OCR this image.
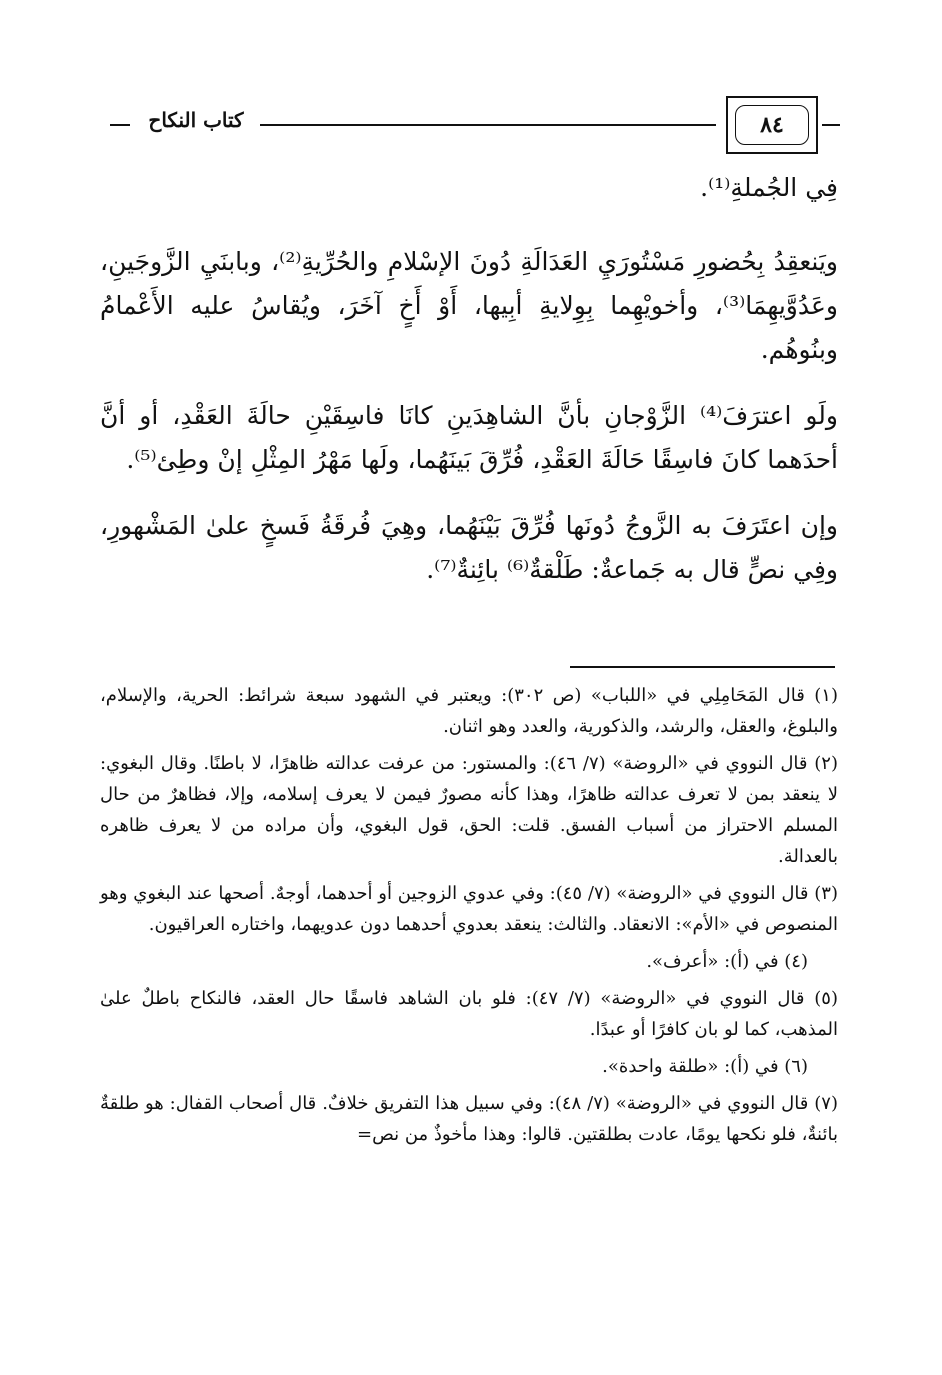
٨٤
كتاب النكاح

فِي الجُملةِ⁽¹⁾.

ويَنعقِدُ بِحُضورِ مَسْتُورَيِ العَدَالَةِ دُونَ الإسْلامِ والحُرِّيةِ⁽²⁾، وبابنَيِ الزَّوجَينِ، وعَدُوَّيهِمَا⁽³⁾، وأخويْهِما بِوِلايةِ أبِيها، أَوْ أَخٍ آخَرَ، ويُقاسُ عليه الأَعْمامُ وبنُوهُم.

ولَو اعترَفَ⁽⁴⁾ الزَّوْجانِ بأنَّ الشاهِدَينِ كانَا فاسِقَيْنِ حالَةَ العَقْدِ، أو أنَّ أحدَهما كانَ فاسِقًا حَالَةَ العَقْدِ، فُرِّقَ بَينَهُما، ولَها مَهْرُ المِثْلِ إنْ وطِئ⁽⁵⁾.

وإن اعتَرَفَ به الزَّوجُ دُونَها فُرِّقَ بَيْنَهُما، وهِيَ فُرقَةُ فَسخٍ علىٰ المَشْهورِ، وفِي نصٍّ قال به جَماعةٌ: طَلْقةٌ⁽⁶⁾ بائِنةٌ⁽⁷⁾.

(١) قال المَحَامِلِي في «اللباب» (ص ٣٠٢): ويعتبر في الشهود سبعة شرائط: الحرية، والإسلام، والبلوغ، والعقل، والرشد، والذكورية، والعدد وهو اثنان.

(٢) قال النووي في «الروضة» (٧/ ٤٦): والمستور: من عرفت عدالته ظاهرًا، لا باطنًا. وقال البغوي: لا ينعقد بمن لا تعرف عدالته ظاهرًا، وهذا كأنه مصورٌ فيمن لا يعرف إسلامه، وإلا، فظاهرٌ من حال المسلم الاحتراز من أسباب الفسق. قلت: الحق، قول البغوي، وأن مراده من لا يعرف ظاهره بالعدالة.

(٣) قال النووي في «الروضة» (٧/ ٤٥): وفي عدوي الزوجين أو أحدهما، أوجهٌ. أصحها عند البغوي وهو المنصوص في «الأم»: الانعقاد. والثالث: ينعقد بعدوي أحدهما دون عدويهما، واختاره العراقيون.

(٤) في (أ): «أعرف».

(٥) قال النووي في «الروضة» (٧/ ٤٧): فلو بان الشاهد فاسقًا حال العقد، فالنكاح باطلٌ علىٰ المذهب، كما لو بان كافرًا أو عبدًا.

(٦) في (أ): «طلقة واحدة».

(٧) قال النووي في «الروضة» (٧/ ٤٨): وفي سبيل هذا التفريق خلافٌ. قال أصحاب القفال: هو طلقةٌ بائنةٌ، فلو نكحها يومًا، عادت بطلقتين. قالوا: وهذا مأخوذٌ من نص=
